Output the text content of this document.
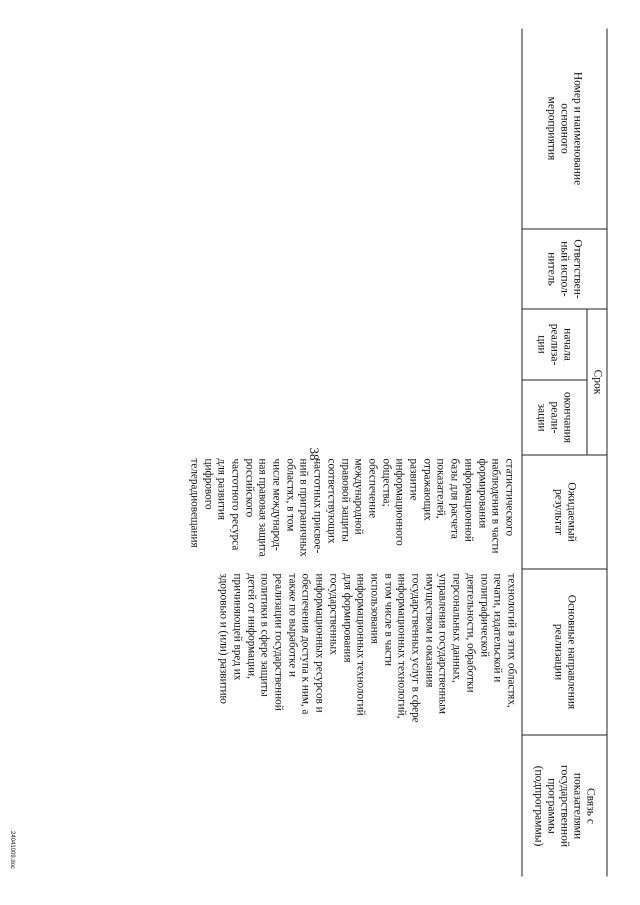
38
24041009.doc
Номер и наименование
основного
мероприятия
Ответствен-
ный испол-
нитель
Срок
начала
реализа-
ции
окончания
реали-
зации
Ожидаемый
результат
Основные направления
реализации
Связь с
показателями
государственной
программы
(подпрограммы)
статистического
наблюдения в части
формирования
информационной
базы для расчета
показателей,
отражающих
развитие
информационного
общества;
обеспечение
международной
правовой защиты
соответствующих
частотных присвое-
ний в приграничных
областях, в том
числе международ-
ная правовая защита
российского
частотного ресурса
для развития
цифрового
телерадиовещания
технологий в этих областях,
печати, издательской и
полиграфической
деятельности, обработки
персональных данных,
управления государственным
имуществом и оказания
государственных услуг в сфере
информационных технологий,
в том числе в части
использования
информационных технологий
для формирования
государственных
информационных ресурсов и
обеспечения доступа к ним, а
также по выработке и
реализации государственной
политики в сфере защиты
детей от информации,
причиняющей вред их
здоровью и (или) развитию
